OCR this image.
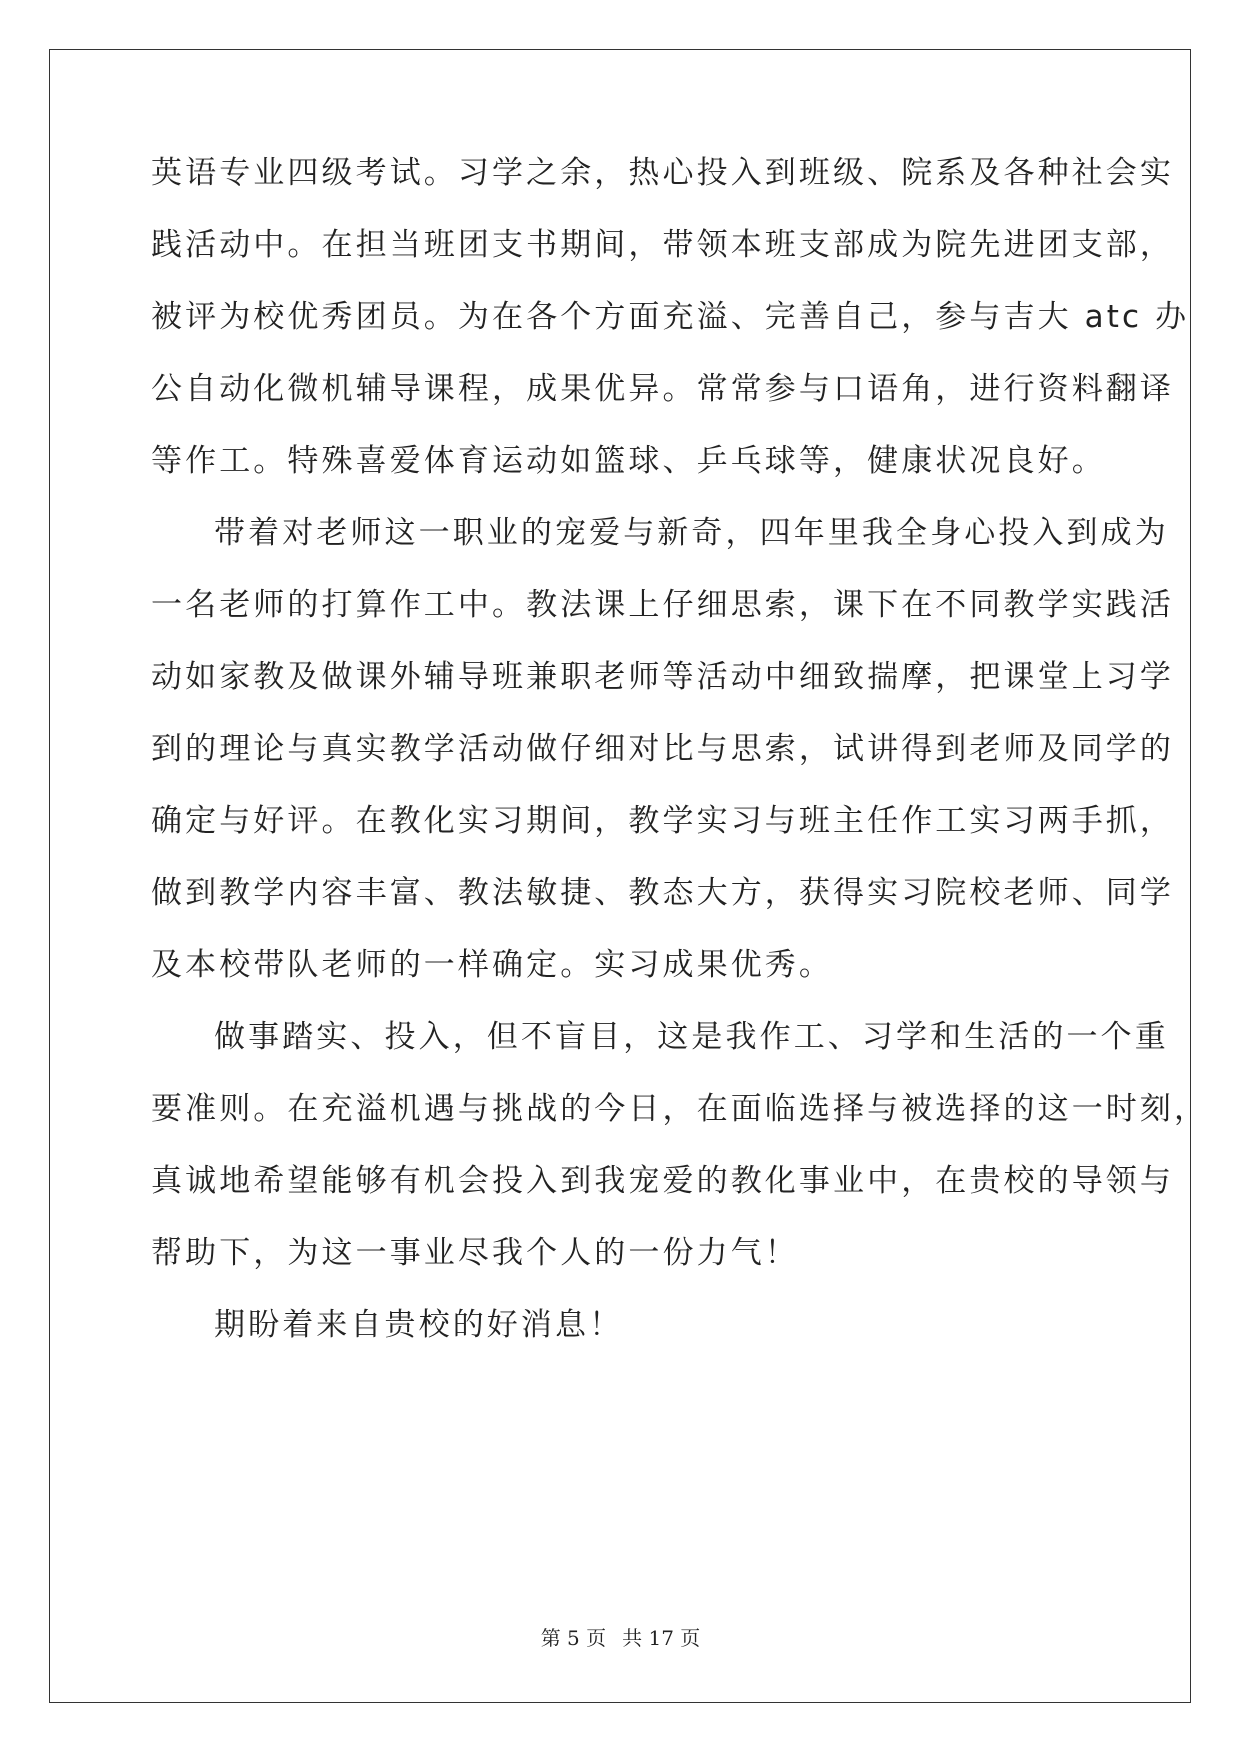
英语专业四级考试。习学之余，热心投入到班级、院系及各种社会实
践活动中。在担当班团支书期间，带领本班支部成为院先进团支部，
被评为校优秀团员。为在各个方面充溢、完善自己，参与吉大 atc 办
公自动化微机辅导课程，成果优异。常常参与口语角，进行资料翻译
等作工。特殊喜爱体育运动如篮球、乒乓球等，健康状况良好。
带着对老师这一职业的宠爱与新奇，四年里我全身心投入到成为
一名老师的打算作工中。教法课上仔细思索，课下在不同教学实践活
动如家教及做课外辅导班兼职老师等活动中细致揣摩，把课堂上习学
到的理论与真实教学活动做仔细对比与思索，试讲得到老师及同学的
确定与好评。在教化实习期间，教学实习与班主任作工实习两手抓，
做到教学内容丰富、教法敏捷、教态大方，获得实习院校老师、同学
及本校带队老师的一样确定。实习成果优秀。
做事踏实、投入，但不盲目，这是我作工、习学和生活的一个重
要准则。在充溢机遇与挑战的今日，在面临选择与被选择的这一时刻，
真诚地希望能够有机会投入到我宠爱的教化事业中，在贵校的导领与
帮助下，为这一事业尽我个人的一份力气！
期盼着来自贵校的好消息！
第 5 页 共 17 页
